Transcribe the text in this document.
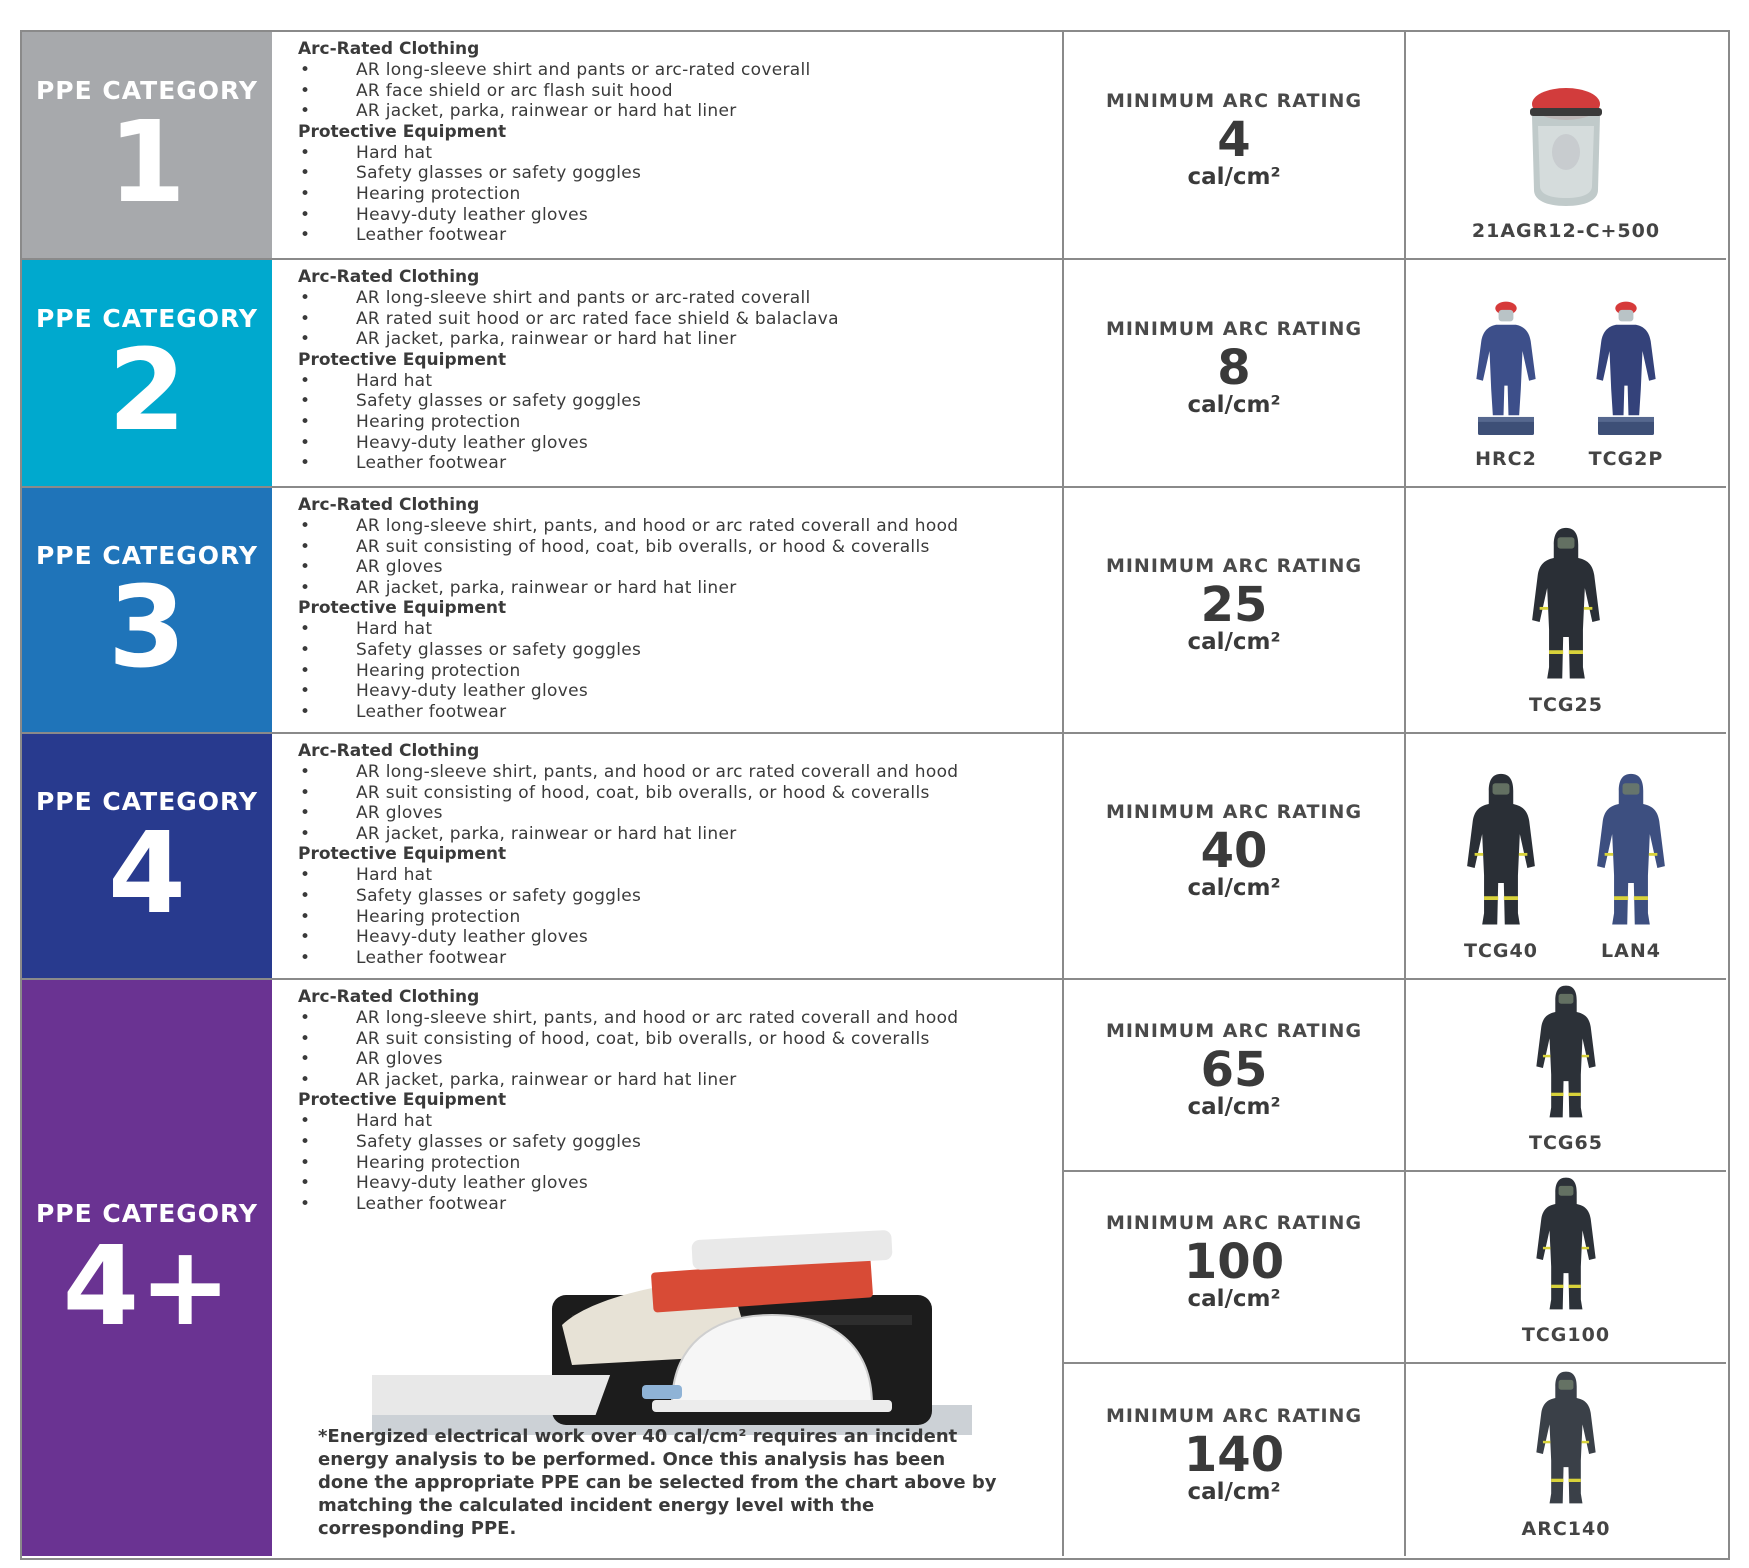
PPE CATEGORY
1
Arc-Rated Clothing
• AR long-sleeve shirt and pants or arc-rated coverall
• AR face shield or arc flash suit hood
• AR jacket, parka, rainwear or hard hat liner
Protective Equipment
• Hard hat
• Safety glasses or safety goggles
• Hearing protection
• Heavy-duty leather gloves
• Leather footwear
MINIMUM ARC RATING
4
cal/cm²
21AGR12-C+500
PPE CATEGORY
2
Arc-Rated Clothing
• AR long-sleeve shirt and pants or arc-rated coverall
• AR rated suit hood or arc rated face shield & balaclava
• AR jacket, parka, rainwear or hard hat liner
Protective Equipment
• Hard hat
• Safety glasses or safety goggles
• Hearing protection
• Heavy-duty leather gloves
• Leather footwear
MINIMUM ARC RATING
8
cal/cm²
HRC2	TCG2P
PPE CATEGORY
3
Arc-Rated Clothing
• AR long-sleeve shirt, pants, and hood or arc rated coverall and hood
• AR suit consisting of hood, coat, bib overalls, or hood & coveralls
• AR gloves
• AR jacket, parka, rainwear or hard hat liner
Protective Equipment
• Hard hat
• Safety glasses or safety goggles
• Hearing protection
• Heavy-duty leather gloves
• Leather footwear
MINIMUM ARC RATING
25
cal/cm²
TCG25
PPE CATEGORY
4
Arc-Rated Clothing
• AR long-sleeve shirt, pants, and hood or arc rated coverall and hood
• AR suit consisting of hood, coat, bib overalls, or hood & coveralls
• AR gloves
• AR jacket, parka, rainwear or hard hat liner
Protective Equipment
• Hard hat
• Safety glasses or safety goggles
• Hearing protection
• Heavy-duty leather gloves
• Leather footwear
MINIMUM ARC RATING
40
cal/cm²
TCG40	LAN4
PPE CATEGORY
4+
Arc-Rated Clothing
• AR long-sleeve shirt, pants, and hood or arc rated coverall and hood
• AR suit consisting of hood, coat, bib overalls, or hood & coveralls
• AR gloves
• AR jacket, parka, rainwear or hard hat liner
Protective Equipment
• Hard hat
• Safety glasses or safety goggles
• Hearing protection
• Heavy-duty leather gloves
• Leather footwear
*Energized electrical work over 40 cal/cm² requires an incident energy analysis to be performed. Once this analysis has been done the appropriate PPE can be selected from the chart above by matching the calculated incident energy level with the corresponding PPE.
MINIMUM ARC RATING
65
cal/cm²
TCG65
MINIMUM ARC RATING
100
cal/cm²
TCG100
MINIMUM ARC RATING
140
cal/cm²
ARC140
